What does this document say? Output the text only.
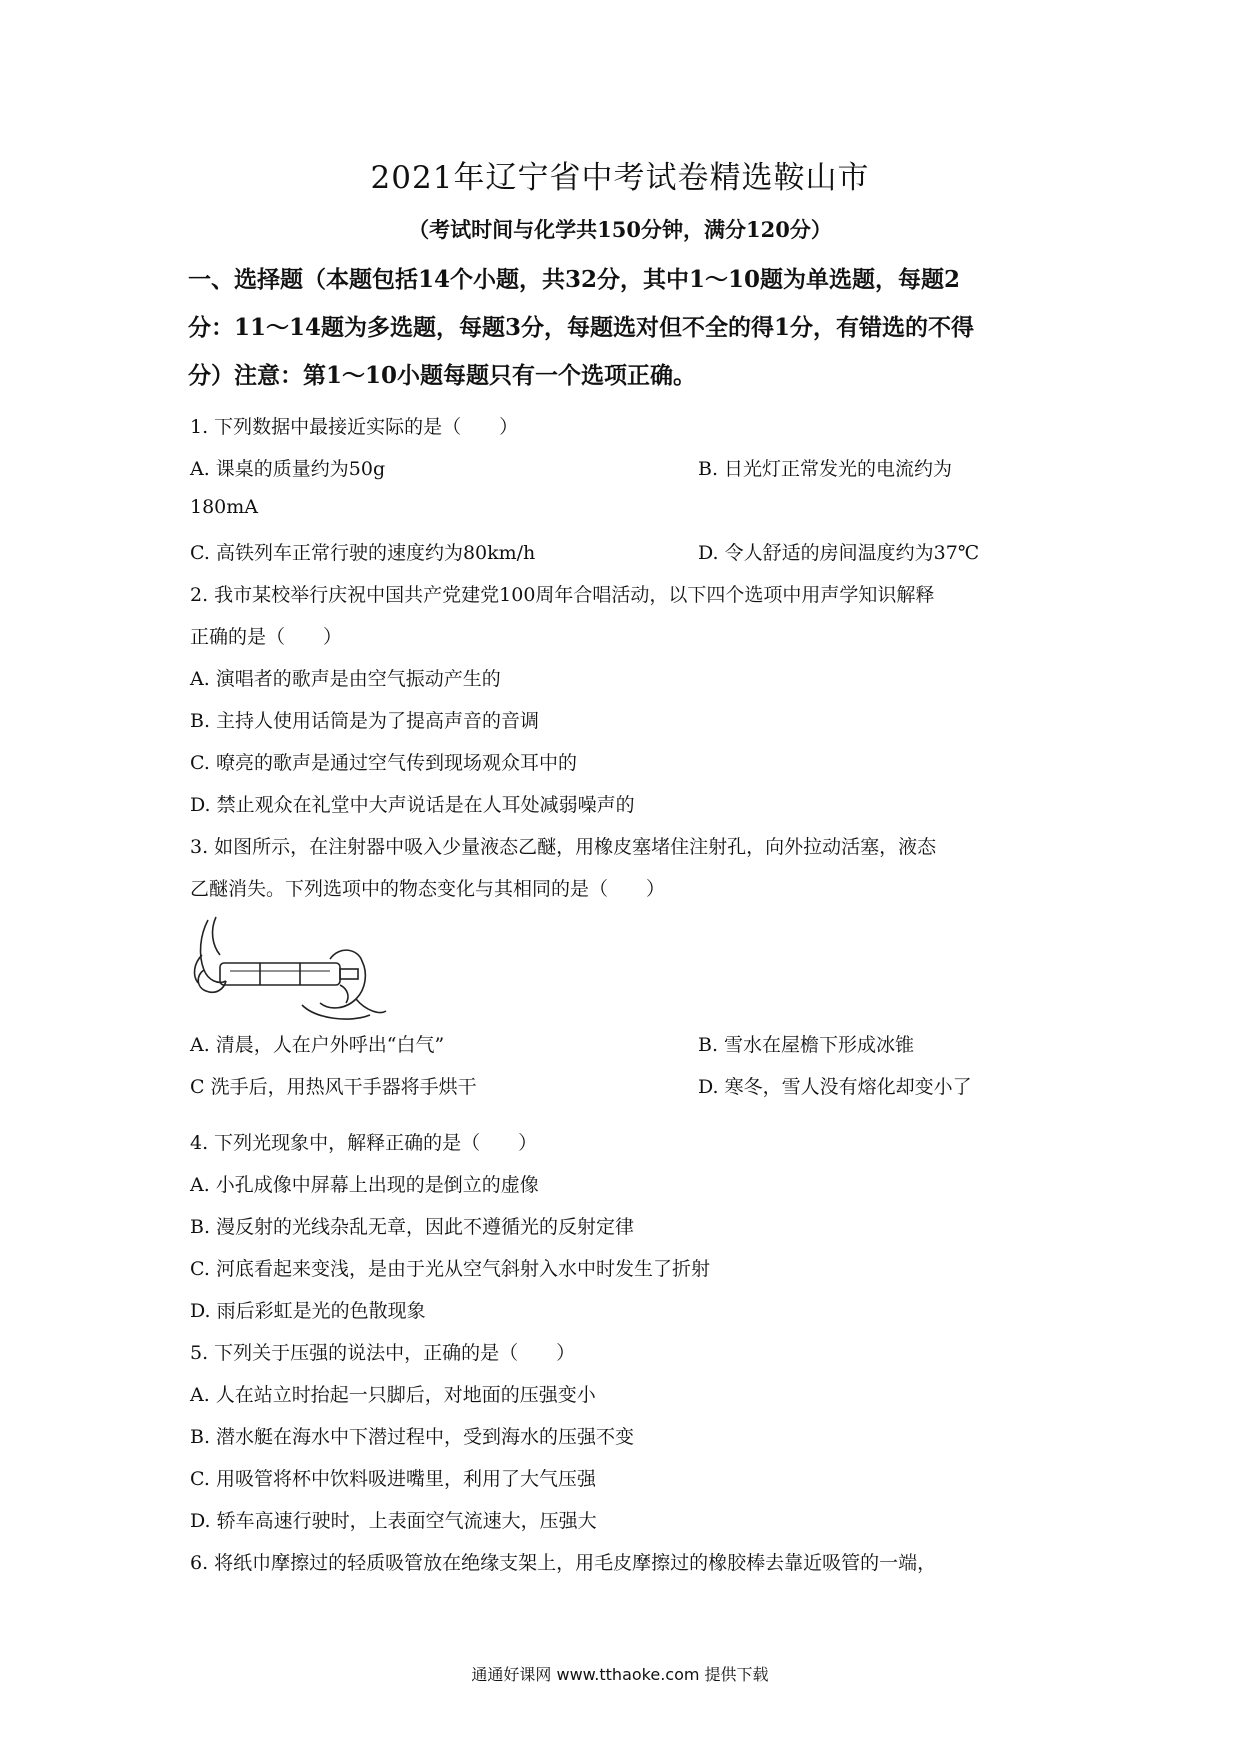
2021年辽宁省中考试卷精选鞍山市
（考试时间与化学共150分钟，满分120分）
一、选择题（本题包括14个小题，共32分，其中1～10题为单选题，每题2
分：11～14题为多选题，每题3分，每题选对但不全的得1分，有错选的不得
分）注意：第1～10小题每题只有一个选项正确。
1. 下列数据中最接近实际的是（　　）
A. 课桌的质量约为50g	B. 日光灯正常发光的电流约为
180mA
C. 高铁列车正常行驶的速度约为80km/h	D. 令人舒适的房间温度约为37℃
2. 我市某校举行庆祝中国共产党建党100周年合唱活动，以下四个选项中用声学知识解释
正确的是（　　）
A. 演唱者的歌声是由空气振动产生的
B. 主持人使用话筒是为了提高声音的音调
C. 嘹亮的歌声是通过空气传到现场观众耳中的
D. 禁止观众在礼堂中大声说话是在人耳处减弱噪声的
3. 如图所示，在注射器中吸入少量液态乙醚，用橡皮塞堵住注射孔，向外拉动活塞，液态
乙醚消失。下列选项中的物态变化与其相同的是（　　）
A. 清晨，人在户外呼出“白气”	B. 雪水在屋檐下形成冰锥
C 洗手后，用热风干手器将手烘干	D. 寒冬，雪人没有熔化却变小了
4. 下列光现象中，解释正确的是（　　）
A. 小孔成像中屏幕上出现的是倒立的虚像
B. 漫反射的光线杂乱无章，因此不遵循光的反射定律
C. 河底看起来变浅，是由于光从空气斜射入水中时发生了折射
D. 雨后彩虹是光的色散现象
5. 下列关于压强的说法中，正确的是（　　）
A. 人在站立时抬起一只脚后，对地面的压强变小
B. 潜水艇在海水中下潜过程中，受到海水的压强不变
C. 用吸管将杯中饮料吸进嘴里，利用了大气压强
D. 轿车高速行驶时，上表面空气流速大，压强大
6. 将纸巾摩擦过的轻质吸管放在绝缘支架上，用毛皮摩擦过的橡胶棒去靠近吸管的一端，
通通好课网 www.tthaoke.com 提供下载
